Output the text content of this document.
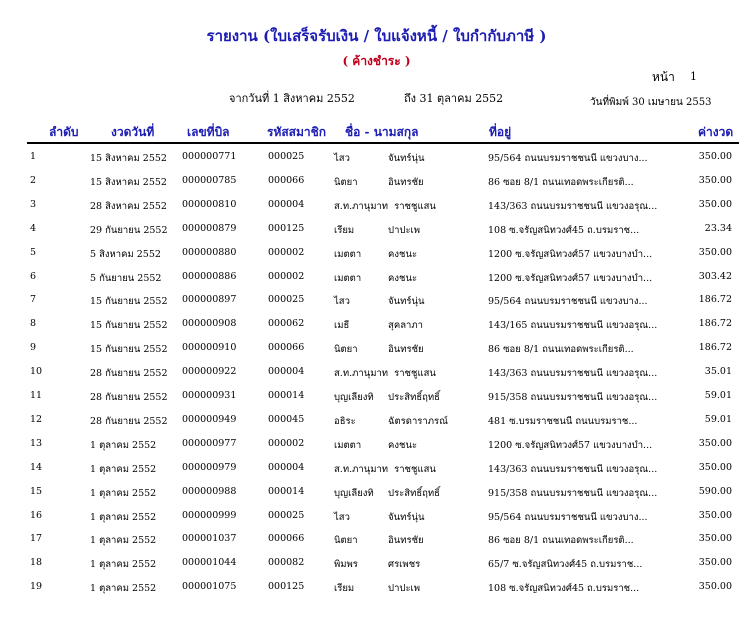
รายงาน (ใบเสร็จรับเงิน / ใบแจ้งหนี้ / ใบกำกับภาษี )
( ค้างชำระ )
หน้า 1
จากวันที่ 1 สิงหาคม 2552	ถึง 31 ตุลาคม 2552	วันที่พิมพ์ 30 เมษายน 2553
ลำดับ	งวดวันที่	เลขที่บิล	รหัสสมาชิก ชื่อ - นามสกุล	ที่อยู่	ค่างวด
1	15 สิงหาคม 2552 000000771	000025	ไสว	จันทร์นุ่น	95/564 ถนนบรมราชชนนี แขวงบาง...	350.00
2	15 สิงหาคม 2552 000000785	000066	นิตยา	อินทรชัย	86 ซอย 8/1 ถนนเทอดพระเกียรติ...	350.00
3	28 สิงหาคม 2552 000000810	000004	ส.ท.ภานุมาท ราชชูแสน	143/363 ถนนบรมราชชนนี แขวงอรุณ...	350.00
4	29 กันยายน 2552 000000879	000125	เรียม	ปาปะเพ	108 ซ.จรัญสนิทวงศ์45 ถ.บรมราช...	23.34
5	5 สิงหาคม 2552 000000880	000002	เมตตา	คงชนะ	1200 ซ.จรัญสนิทวงศ์57 แขวงบางบำ...	350.00
6	5 กันยายน 2552 000000886	000002	เมตตา	คงชนะ	1200 ซ.จรัญสนิทวงศ์57 แขวงบางบำ...	303.42
7	15 กันยายน 2552 000000897	000025	ไสว	จันทร์นุ่น	95/564 ถนนบรมราชชนนี แขวงบาง...	186.72
8	15 กันยายน 2552 000000908	000062	เมธี	สุคลาภา	143/165 ถนนบรมราชชนนี แขวงอรุณ...	186.72
9	15 กันยายน 2552 000000910	000066	นิตยา	อินทรชัย	86 ซอย 8/1 ถนนเทอดพระเกียรติ...	186.72
10	28 กันยายน 2552 000000922	000004	ส.ท.ภานุมาท ราชชูแสน	143/363 ถนนบรมราชชนนี แขวงอรุณ...	35.01
11	28 กันยายน 2552 000000931	000014	บุญเลียงทิ ประสิทธิ์ฤทธิ์	915/358 ถนนบรมราชชนนี แขวงอรุณ...	59.01
12	28 กันยายน 2552 000000949	000045	อธิระ	ฉัตรดาราภรณ์	481 ซ.บรมราชชนนี ถนนบรมราช...	59.01
13	1 ตุลาคม 2552	000000977	000002	เมตตา	คงชนะ	1200 ซ.จรัญสนิทวงศ์57 แขวงบางบำ...	350.00
14	1 ตุลาคม 2552	000000979	000004	ส.ท.ภานุมาท ราชชูแสน	143/363 ถนนบรมราชชนนี แขวงอรุณ...	350.00
15	1 ตุลาคม 2552	000000988	000014	บุญเลียงทิ ประสิทธิ์ฤทธิ์	915/358 ถนนบรมราชชนนี แขวงอรุณ...	590.00
16	1 ตุลาคม 2552	000000999	000025	ไสว	จันทร์นุ่น	95/564 ถนนบรมราชชนนี แขวงบาง...	350.00
17	1 ตุลาคม 2552	000001037	000066	นิตยา	อินทรชัย	86 ซอย 8/1 ถนนเทอดพระเกียรติ...	350.00
18	1 ตุลาคม 2552	000001044	000082	พิมพร	ศรเพชร	65/7 ซ.จรัญสนิทวงศ์45 ถ.บรมราช...	350.00
19	1 ตุลาคม 2552	000001075	000125	เรียม	ปาปะเพ	108 ซ.จรัญสนิทวงศ์45 ถ.บรมราช...	350.00
